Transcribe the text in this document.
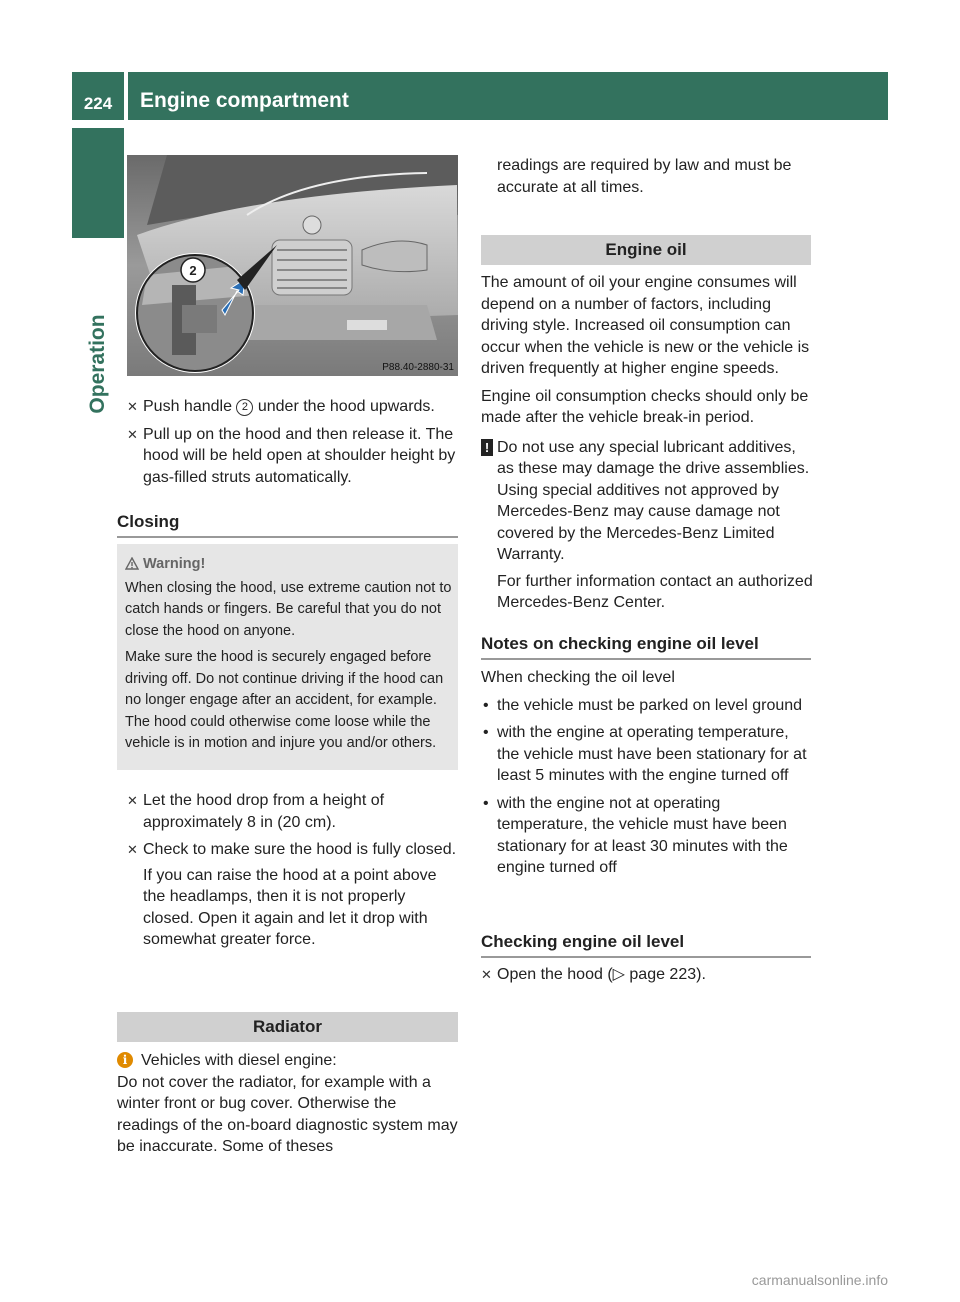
224	Engine compartment
Operation
2
P88.40-2880-31
✕ Push handle 2 under the hood upwards.
✕ Pull up on the hood and then release it. The hood will be held open at shoulder height by gas-filled struts automatically.
Closing
Warning!

When closing the hood, use extreme caution not to catch hands or fingers. Be careful that you do not close the hood on anyone.

Make sure the hood is securely engaged before driving off. Do not continue driving if the hood can no longer engage after an accident, for example. The hood could otherwise come loose while the vehicle is in motion and injure you and/or others.

✕ Let the hood drop from a height of approximately 8 in (20 cm).
✕ Check to make sure the hood is fully closed.

If you can raise the hood at a point above the headlamps, then it is not properly closed. Open it again and let it drop with somewhat greater force.

Radiator
i Vehicles with diesel engine:

Do not cover the radiator, for example with a winter front or bug cover. Otherwise the readings of the on-board diagnostic system may be inaccurate. Some of theses

readings are required by law and must be accurate at all times.
Engine oil

The amount of oil your engine consumes will depend on a number of factors, including driving style. Increased oil consumption can occur when the vehicle is new or the vehicle is driven frequently at higher engine speeds.

Engine oil consumption checks should only be made after the vehicle break-in period.

! Do not use any special lubricant additives, as these may damage the drive assemblies. Using special additives not approved by Mercedes-Benz may cause damage not covered by the Mercedes-Benz Limited Warranty.

For further information contact an authorized Mercedes-Benz Center.

Notes on checking engine oil level

When checking the oil level

• the vehicle must be parked on level ground
• with the engine at operating temperature, the vehicle must have been stationary for at least 5 minutes with the engine turned off
• with the engine not at operating temperature, the vehicle must have been stationary for at least 30 minutes with the engine turned off
Checking engine oil level
✕ Open the hood (▷ page 223).
carmanualsonline.info
